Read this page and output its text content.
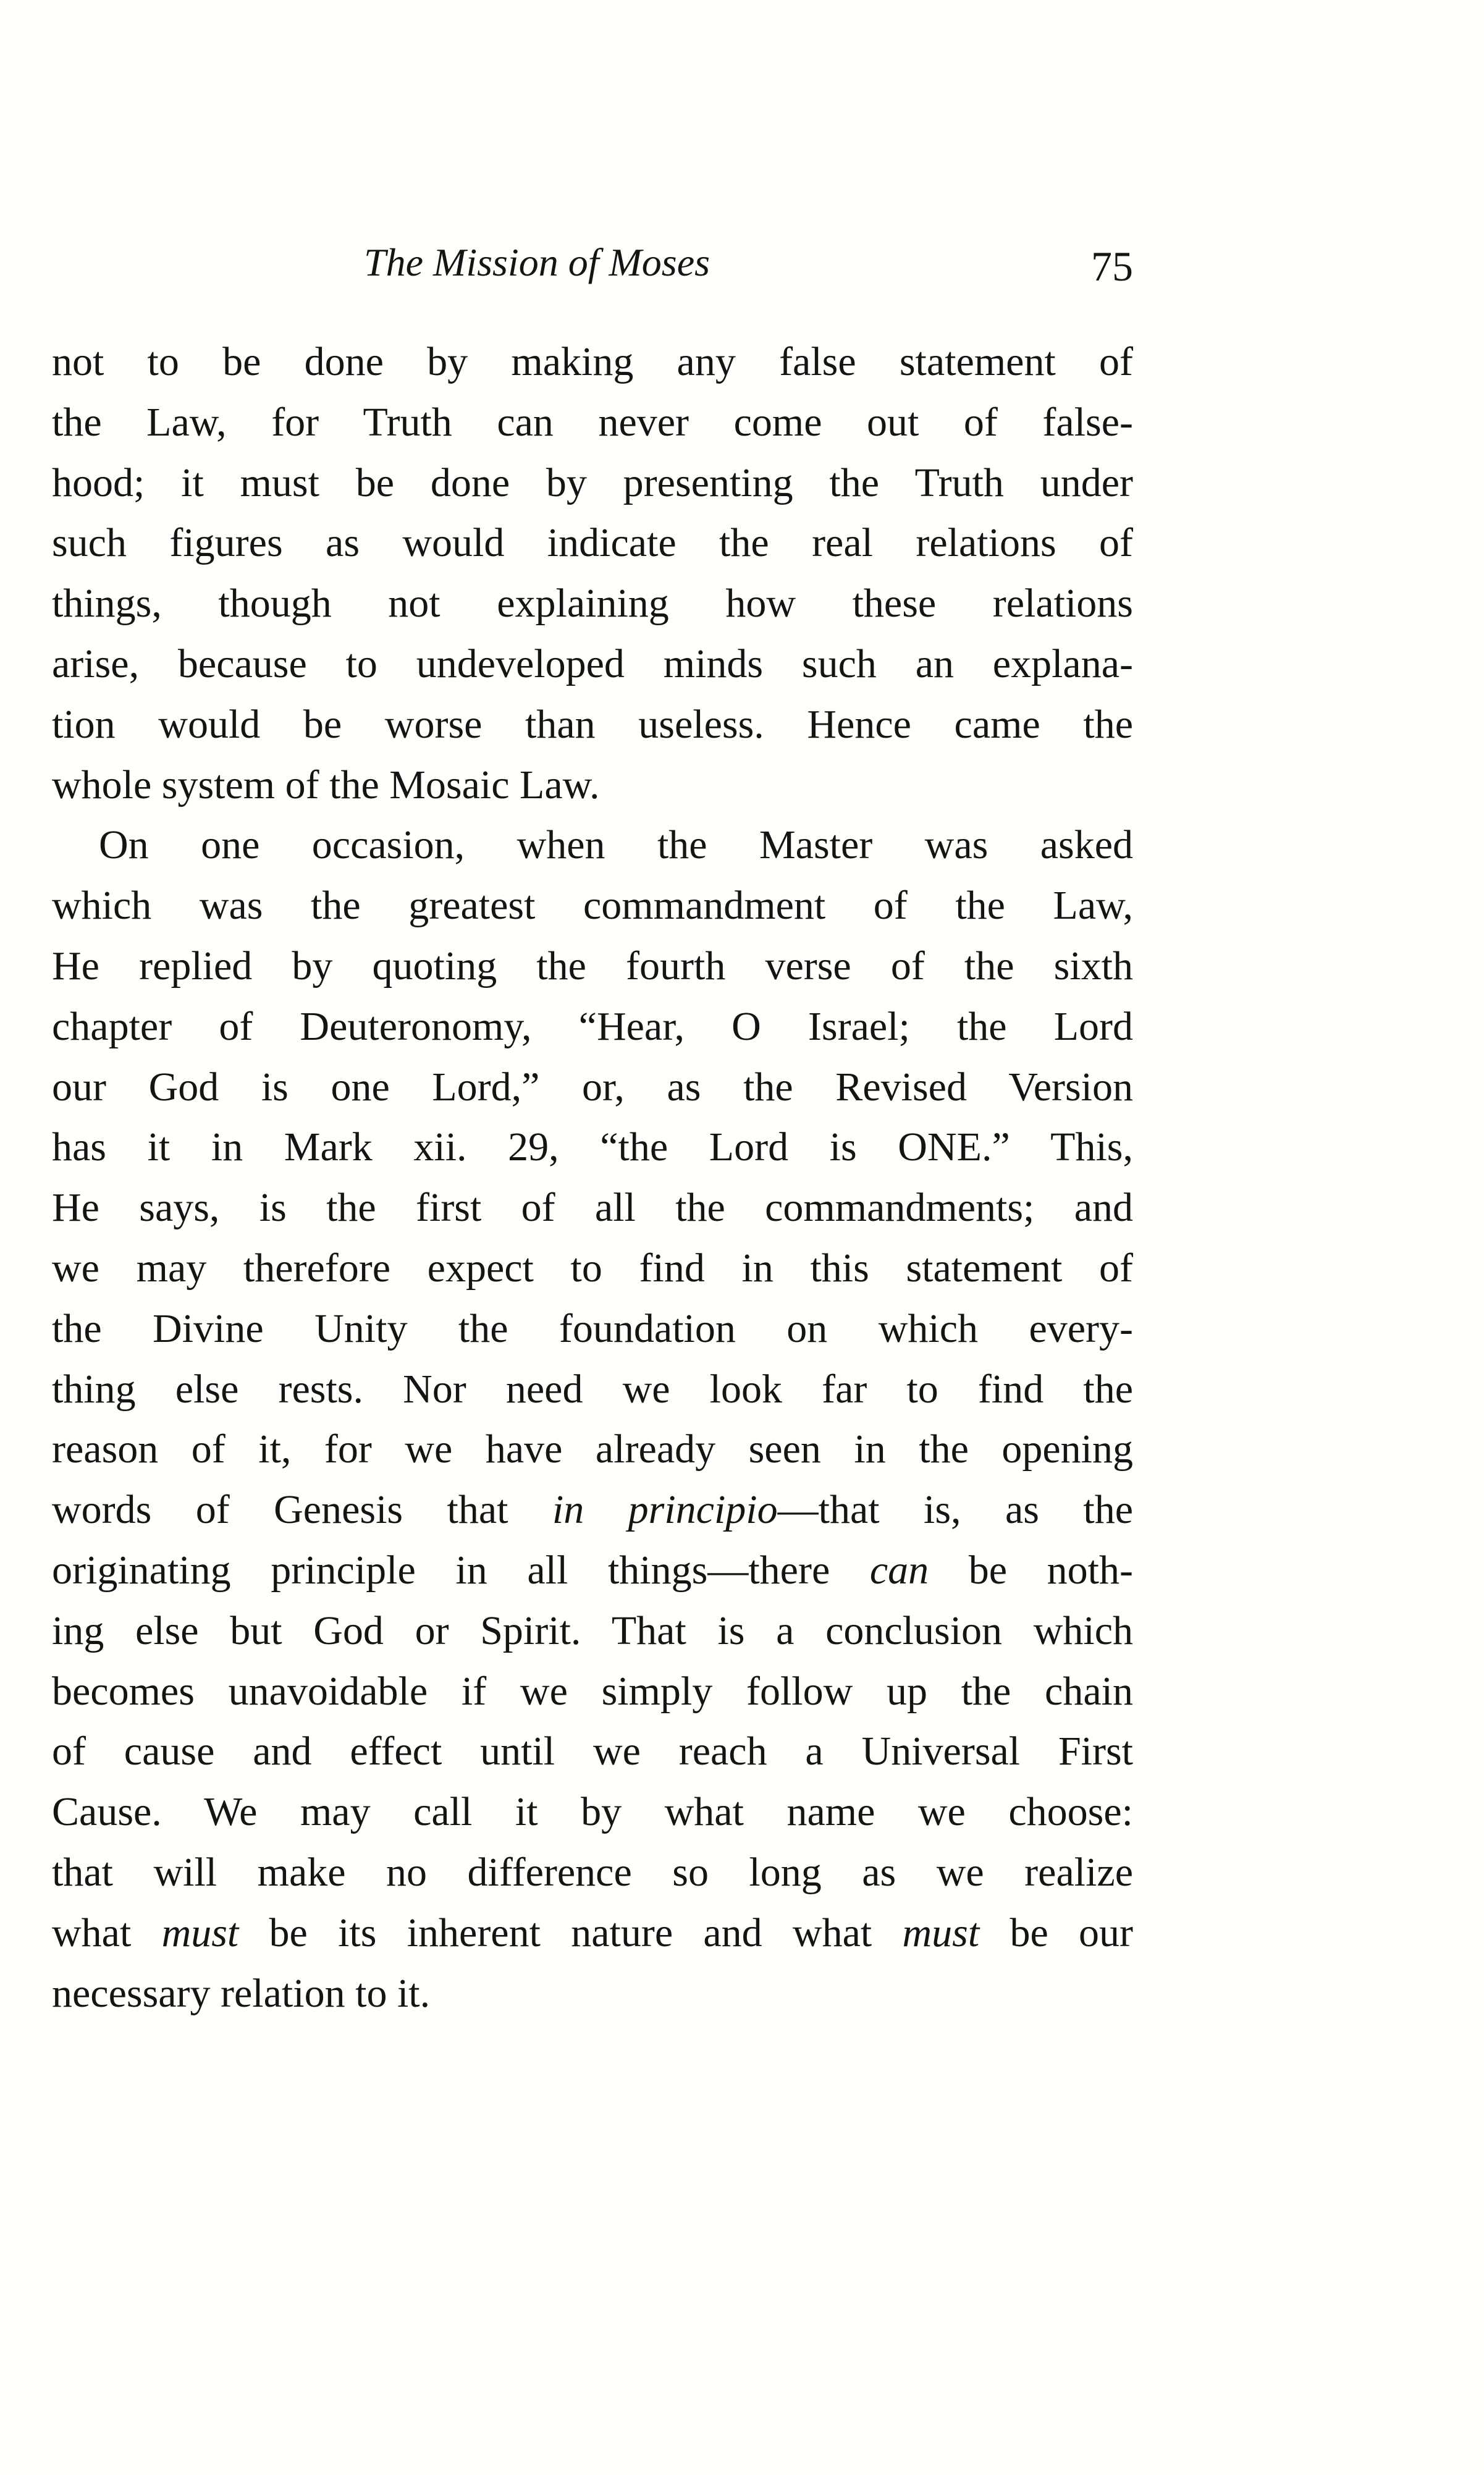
The Mission of Moses	75
not to be done by making any false statement of
the Law, for Truth can never come out of false-
hood; it must be done by presenting the Truth under
such figures as would indicate the real relations of
things, though not explaining how these relations
arise, because to undeveloped minds such an explana-
tion would be worse than useless. Hence came the
whole system of the Mosaic Law.
On one occasion, when the Master was asked
which was the greatest commandment of the Law,
He replied by quoting the fourth verse of the sixth
chapter of Deuteronomy, “Hear, O Israel; the Lord
our God is one Lord,” or, as the Revised Version
has it in Mark xii. 29, “the Lord is ONE.” This,
He says, is the first of all the commandments; and
we may therefore expect to find in this statement of
the Divine Unity the foundation on which every-
thing else rests. Nor need we look far to find the
reason of it, for we have already seen in the opening
words of Genesis that in principio—that is, as the
originating principle in all things—there can be noth-
ing else but God or Spirit. That is a conclusion which
becomes unavoidable if we simply follow up the chain
of cause and effect until we reach a Universal First
Cause. We may call it by what name we choose:
that will make no difference so long as we realize
what must be its inherent nature and what must be our
necessary relation to it.
